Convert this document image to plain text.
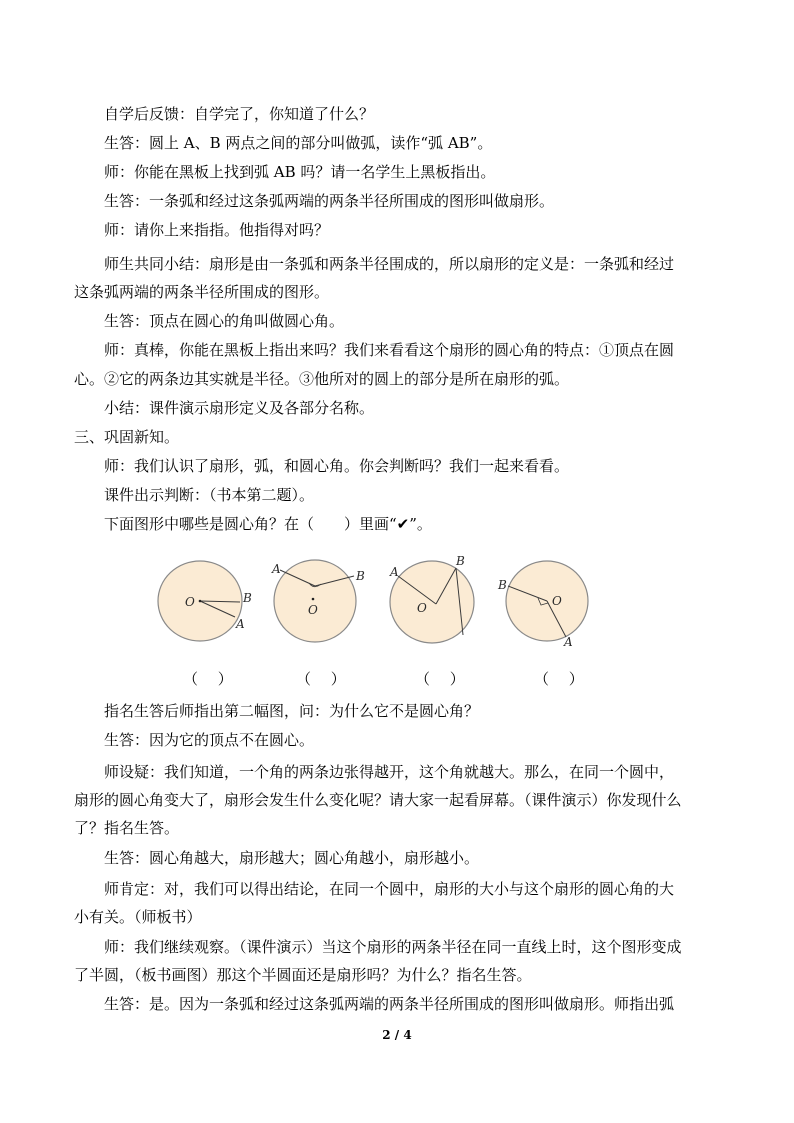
自学后反馈：自学完了，你知道了什么？
生答：圆上 A、B 两点之间的部分叫做弧，读作“弧 AB”。
师：你能在黑板上找到弧 AB 吗？请一名学生上黑板指出。
生答：一条弧和经过这条弧两端的两条半径所围成的图形叫做扇形。
师：请你上来指指。他指得对吗？
师生共同小结：扇形是由一条弧和两条半径围成的，所以扇形的定义是：一条弧和经过
这条弧两端的两条半径所围成的图形。
生答：顶点在圆心的角叫做圆心角。
师：真棒，你能在黑板上指出来吗？我们来看看这个扇形的圆心角的特点：①顶点在圆
心。②它的两条边其实就是半径。③他所对的圆上的部分是所在扇形的弧。
小结：课件演示扇形定义及各部分名称。
三、巩固新知。
师：我们认识了扇形，弧，和圆心角。你会判断吗？我们一起来看看。
课件出示判断：（书本第二题）。
下面图形中哪些是圆心角？在（　　）里画“✔”。
O	B
A
O
A	B
O
A
B
O
B
A
（　 ）	（　 ）	（　 ）	（　 ）
指名生答后师指出第二幅图，问：为什么它不是圆心角？
生答：因为它的顶点不在圆心。
师设疑：我们知道，一个角的两条边张得越开，这个角就越大。那么，在同一个圆中，
扇形的圆心角变大了，扇形会发生什么变化呢？请大家一起看屏幕。（课件演示）你发现什么
了？指名生答。
生答：圆心角越大，扇形越大；圆心角越小，扇形越小。
师肯定：对，我们可以得出结论，在同一个圆中，扇形的大小与这个扇形的圆心角的大
小有关。（师板书）
师：我们继续观察。（课件演示）当这个扇形的两条半径在同一直线上时，这个图形变成
了半圆，（板书画图）那这个半圆面还是扇形吗？为什么？指名生答。
生答：是。因为一条弧和经过这条弧两端的两条半径所围成的图形叫做扇形。师指出弧
2 / 4
